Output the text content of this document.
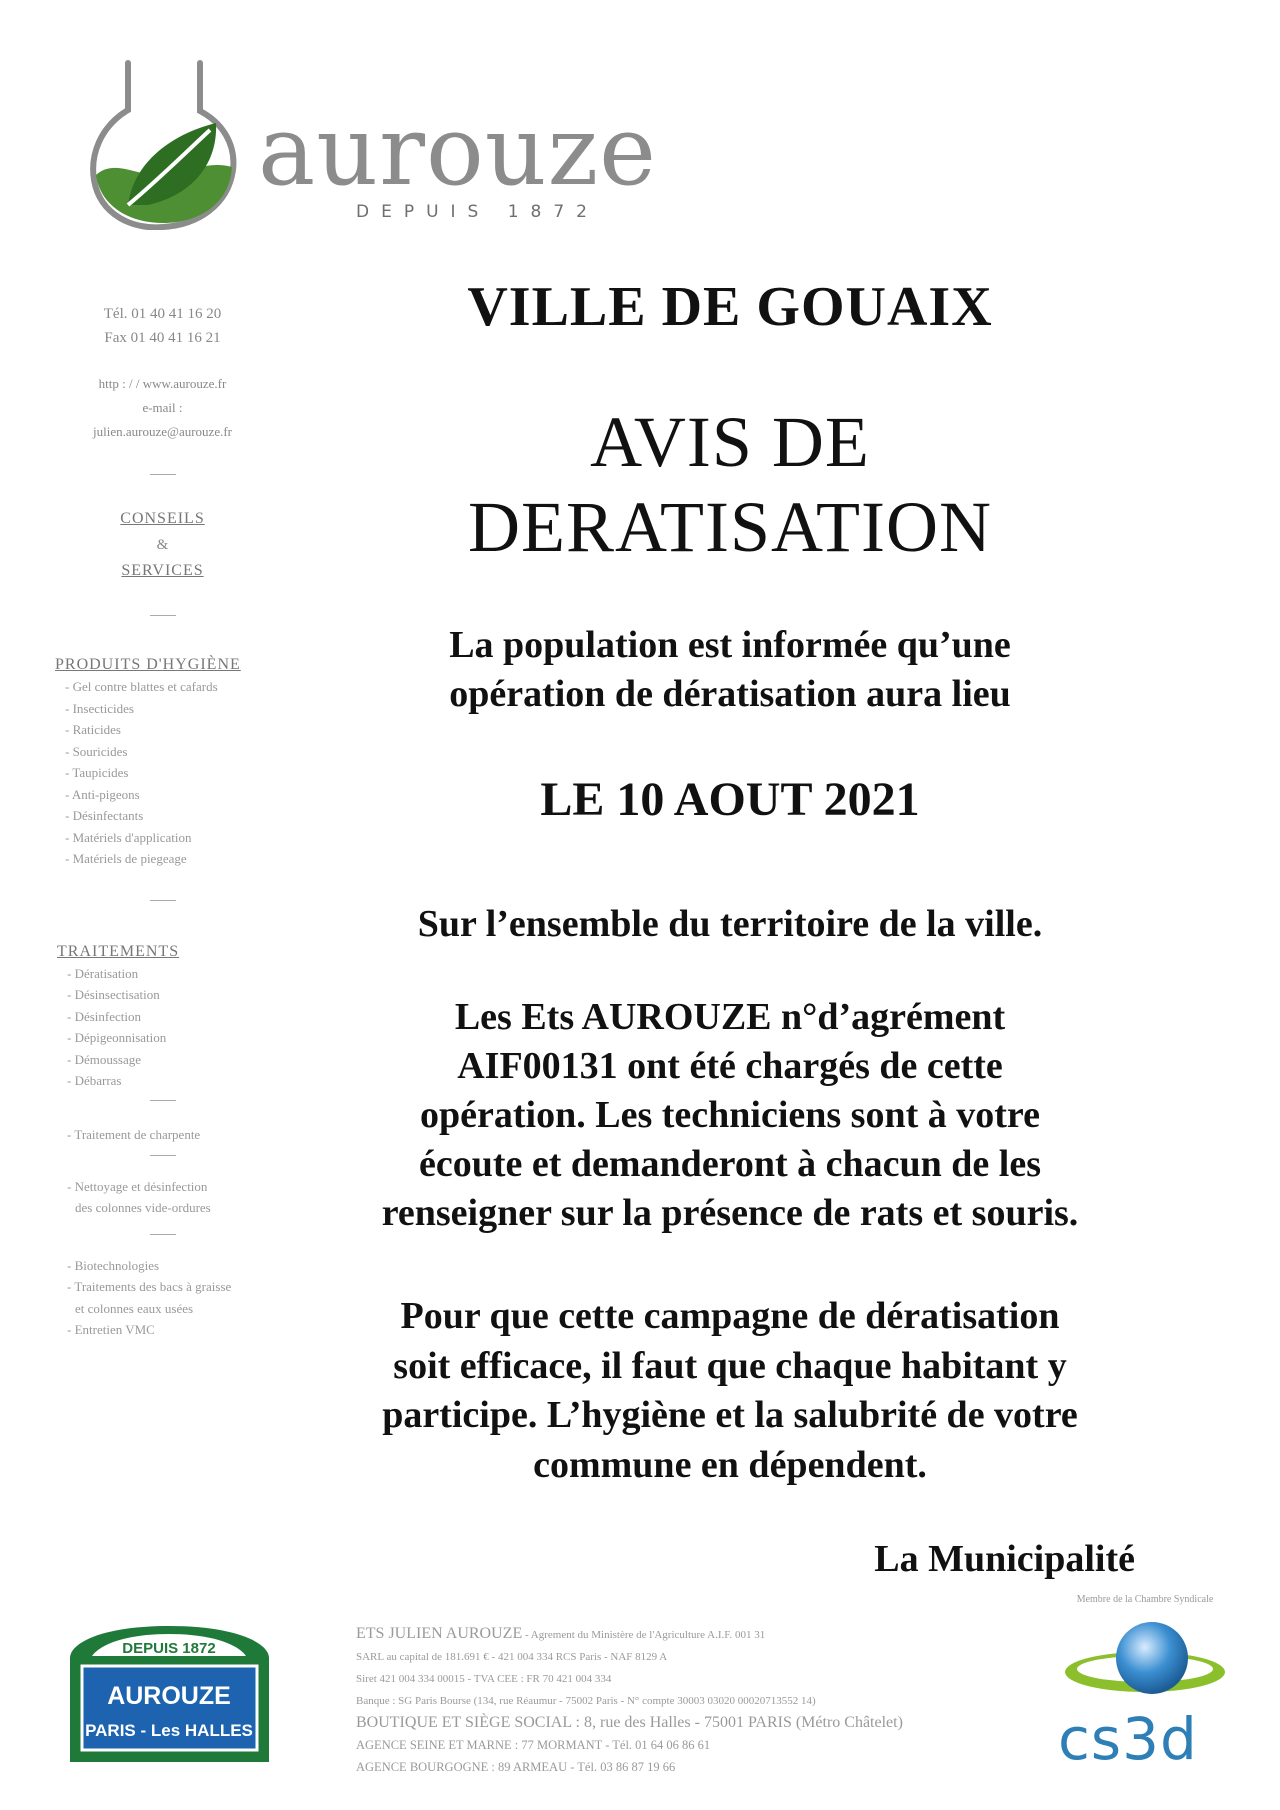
aurouze
DEPUIS 1872
Tél. 01 40 41 16 20
Fax 01 40 41 16 21
http : / / www.aurouze.fr
e-mail :
julien.aurouze@aurouze.fr
CONSEILS
&
SERVICES
PRODUITS D'HYGIÈNE
- Gel contre blattes et cafards
- Insecticides
- Raticides
- Souricides
- Taupicides
- Anti-pigeons
- Désinfectants
- Matériels d'application
- Matériels de piegeage
TRAITEMENTS
- Dératisation
- Désinsectisation
- Désinfection
- Dépigeonnisation
- Démoussage
- Débarras
- Traitement de charpente
- Nettoyage et désinfection
des colonnes vide-ordures
- Biotechnologies
- Traitements des bacs à graisse
et colonnes eaux usées
- Entretien VMC
VILLE DE GOUAIX
AVIS DE
DERATISATION
La population est informée qu’une
opération de dératisation aura lieu
LE 10 AOUT 2021
Sur l’ensemble du territoire de la ville.
Les Ets AUROUZE n°d’agrément
AIF00131 ont été chargés de cette
opération. Les techniciens sont à votre
écoute et demanderont à chacun de les
renseigner sur la présence de rats et souris.
Pour que cette campagne de dératisation
soit efficace, il faut que chaque habitant y
participe. L’hygiène et la salubrité de votre
commune en dépendent.
La Municipalité
DEPUIS 1872
AUROUZE
PARIS - Les HALLES
ETS JULIEN AUROUZE - Agrement du Ministère de l'Agriculture A.I.F. 001 31
SARL au capital de 181.691 € - 421 004 334 RCS Paris - NAF 8129 A
Siret 421 004 334 00015 - TVA CEE : FR 70 421 004 334
Banque : SG Paris Bourse (134, rue Réaumur - 75002 Paris - N° compte 30003 03020 00020713552 14)
BOUTIQUE ET SIÈGE SOCIAL : 8, rue des Halles - 75001 PARIS (Métro Châtelet)
AGENCE SEINE ET MARNE : 77 MORMANT - Tél. 01 64 06 86 61
AGENCE BOURGOGNE : 89 ARMEAU - Tél. 03 86 87 19 66
Membre de la Chambre Syndicale
cs3d
